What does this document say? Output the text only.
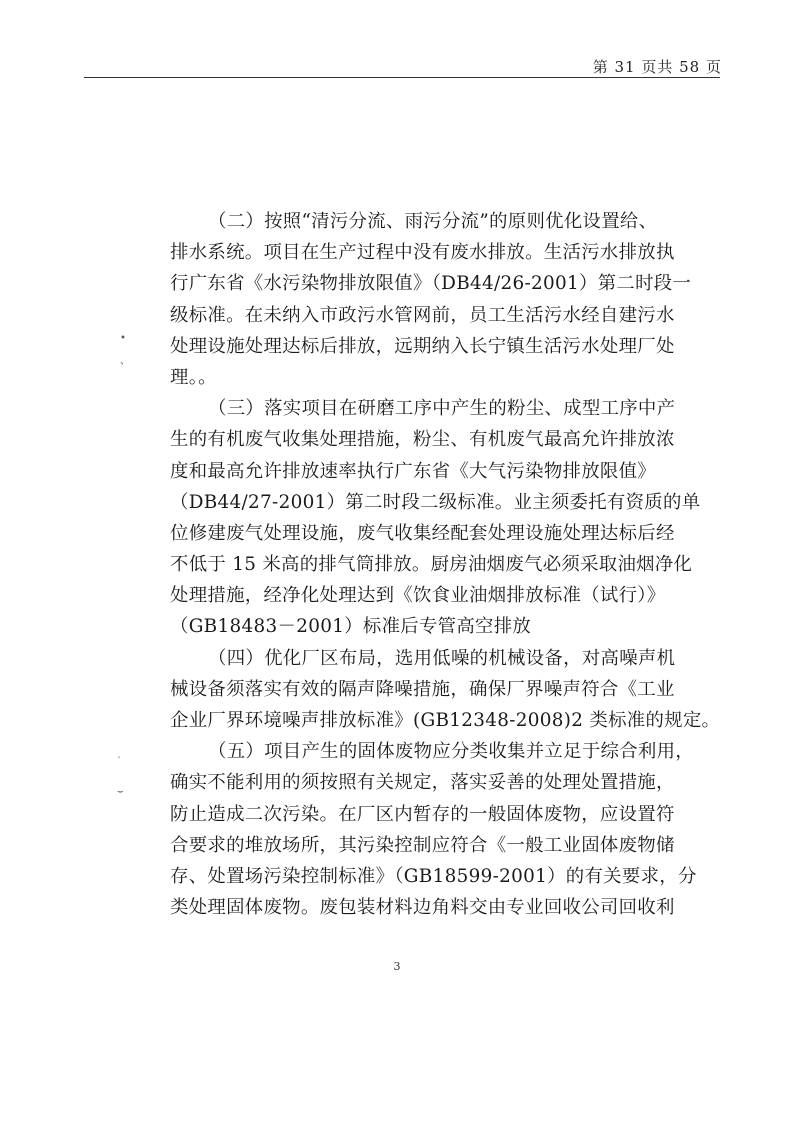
第 31 页共 58 页
•
、
′
⌣
（二）按照“清污分流、雨污分流”的原则优化设置给、
排水系统。项目在生产过程中没有废水排放。生活污水排放执
行广东省《水污染物排放限值》（DB44/26-2001）第二时段一
级标准。在未纳入市政污水管网前，员工生活污水经自建污水
处理设施处理达标后排放，远期纳入长宁镇生活污水处理厂处
理。。
（三）落实项目在研磨工序中产生的粉尘、成型工序中产
生的有机废气收集处理措施，粉尘、有机废气最高允许排放浓
度和最高允许排放速率执行广东省《大气污染物排放限值》
（DB44/27-2001）第二时段二级标准。业主须委托有资质的单
位修建废气处理设施，废气收集经配套处理设施处理达标后经
不低于 15 米高的排气筒排放。厨房油烟废气必须采取油烟净化
处理措施，经净化处理达到《饮食业油烟排放标准（试行）》
（GB18483－2001）标准后专管高空排放
（四）优化厂区布局，选用低噪的机械设备，对高噪声机
械设备须落实有效的隔声降噪措施，确保厂界噪声符合《工业
企业厂界环境噪声排放标准》(GB12348-2008)2 类标准的规定。
（五）项目产生的固体废物应分类收集并立足于综合利用，
确实不能利用的须按照有关规定，落实妥善的处理处置措施，
防止造成二次污染。在厂区内暂存的一般固体废物，应设置符
合要求的堆放场所，其污染控制应符合《一般工业固体废物储
存、处置场污染控制标准》（GB18599-2001）的有关要求，分
类处理固体废物。废包装材料边角料交由专业回收公司回收利
3
